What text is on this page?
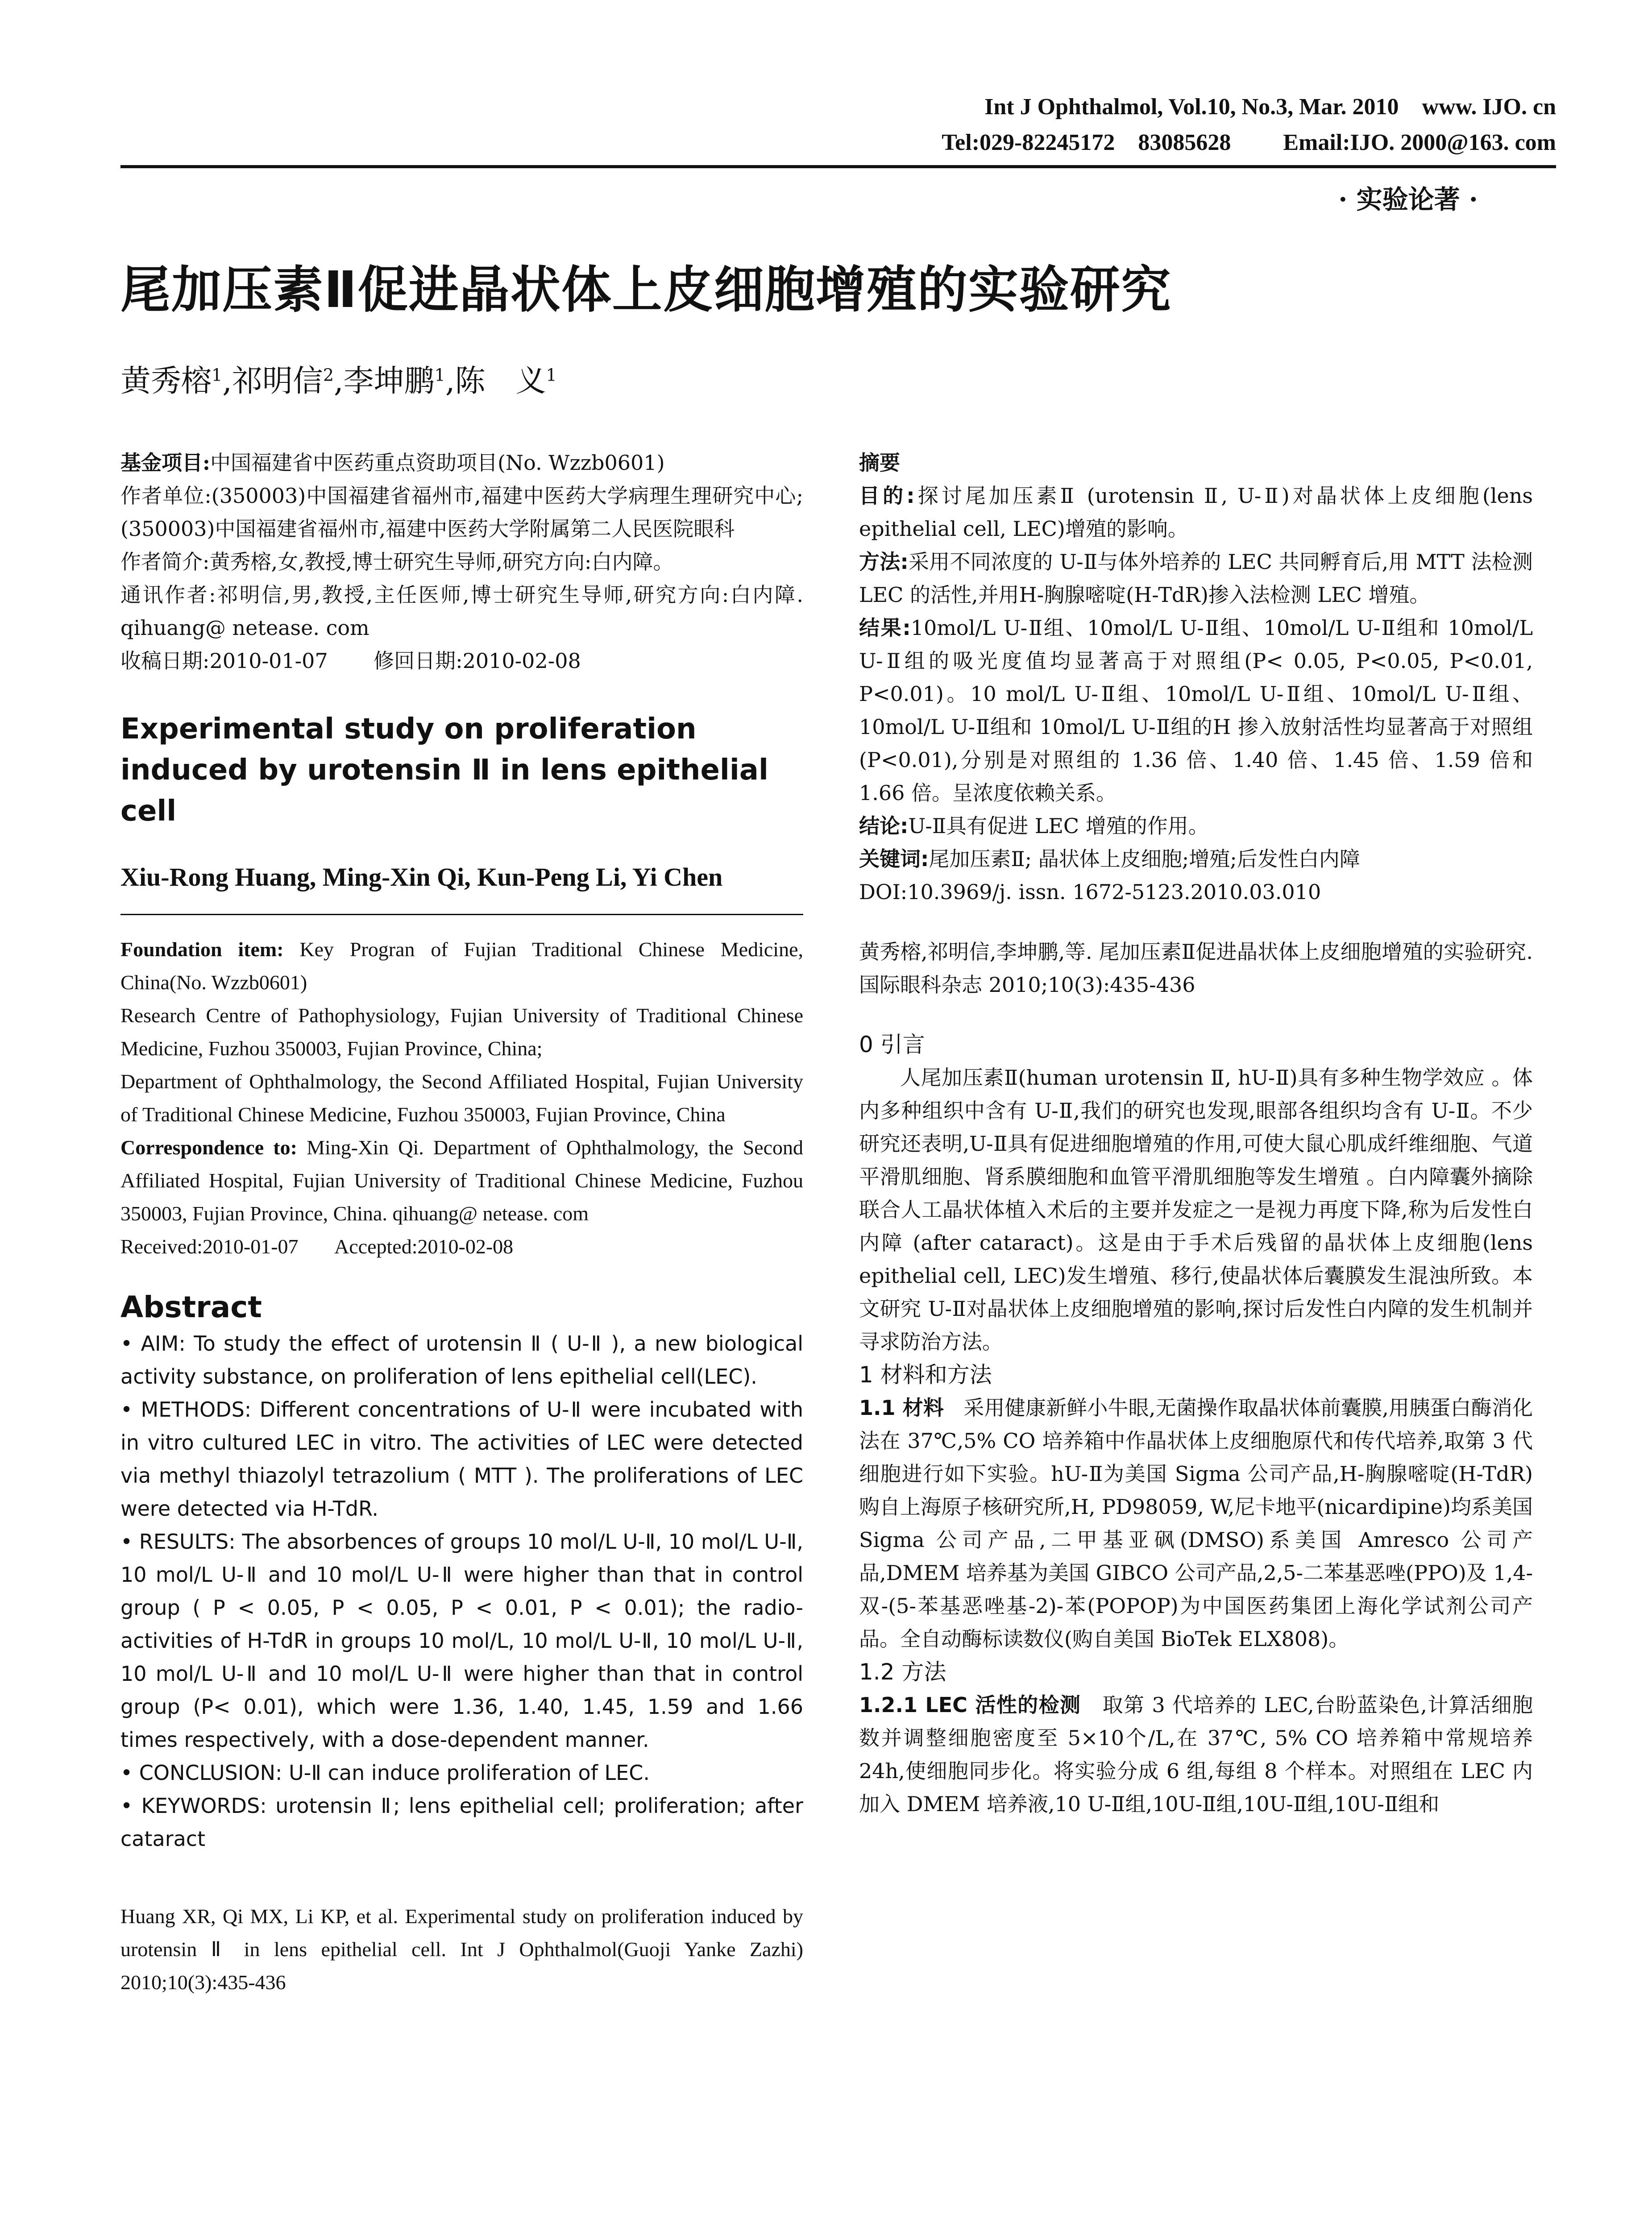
Int J Ophthalmol, Vol.10, No.3, Mar. 2010    www. IJO. cn
Tel:029-82245172    83085628         Email:IJO. 2000@163. com
· 实验论著 ·
尾加压素Ⅱ促进晶状体上皮细胞增殖的实验研究
黄秀榕$^1$,祁明信$^2$,李坤鹏$^1$,陈　义$^1$

基金项目:中国福建省中医药重点资助项目(No. Wzzb0601)

作者单位:(350003)中国福建省福州市,福建中医药大学病理生理研究中心;(350003)中国福建省福州市,福建中医药大学附属第二人民医院眼科

作者简介:黄秀榕,女,教授,博士研究生导师,研究方向:白内障。

通讯作者:祁明信,男,教授,主任医师,博士研究生导师,研究方向:白内障. qihuang@ netease. com

收稿日期:2010-01-07 修回日期:2010-02-08

Experimental study on proliferation induced by urotensin Ⅱ in lens epithelial cell
Xiu-Rong Huang, Ming-Xin Qi, Kun-Peng Li, Yi Chen

Foundation item: Key Progran of Fujian Traditional Chinese Medicine, China(No. Wzzb0601)

Research Centre of Pathophysiology, Fujian University of Traditional Chinese Medicine, Fuzhou 350003, Fujian Province, China;

Department of Ophthalmology, the Second Affiliated Hospital, Fujian University of Traditional Chinese Medicine, Fuzhou 350003, Fujian Province, China

Correspondence to: Ming-Xin Qi. Department of Ophthalmology, the Second Affiliated Hospital, Fujian University of Traditional Chinese Medicine, Fuzhou 350003, Fujian Province, China. qihuang@ netease. com

Received:2010-01-07 Accepted:2010-02-08

Abstract

• AIM: To study the effect of urotensin Ⅱ ( U-Ⅱ ), a new biological activity substance, on proliferation of lens epithelial cell(LEC).

• METHODS: Different concentrations of U-Ⅱ were incubated with in vitro cultured LEC in vitro. The activities of LEC were detected via methyl thiazolyl tetrazolium ( MTT ). The proliferations of LEC were detected via H-TdR.

• RESULTS: The absorbences of groups 10 mol/L U-Ⅱ, 10 mol/L U-Ⅱ, 10 mol/L U-Ⅱ and 10 mol/L U-Ⅱ were higher than that in control group ( P < 0.05, P < 0.05, P < 0.01, P < 0.01); the radio-activities of H-TdR in groups 10 mol/L, 10 mol/L U-Ⅱ, 10 mol/L U-Ⅱ, 10 mol/L U-Ⅱ and 10 mol/L U-Ⅱ were higher than that in control group (P< 0.01), which were 1.36, 1.40, 1.45, 1.59 and 1.66 times respectively, with a dose-dependent manner.

• CONCLUSION: U-Ⅱ can induce proliferation of LEC.

• KEYWORDS: urotensin Ⅱ; lens epithelial cell; proliferation; after cataract

Huang XR, Qi MX, Li KP, et al. Experimental study on proliferation induced by urotensin Ⅱ in lens epithelial cell. Int J Ophthalmol(Guoji Yanke Zazhi) 2010;10(3):435-436

摘要

目的:探讨尾加压素Ⅱ (urotensin Ⅱ, U-Ⅱ)对晶状体上皮细胞(lens epithelial cell, LEC)增殖的影响。

方法:采用不同浓度的 U-Ⅱ与体外培养的 LEC 共同孵育后,用 MTT 法检测 LEC 的活性,并用H-胸腺嘧啶(H-TdR)掺入法检测 LEC 增殖。

结果:10mol/L U-Ⅱ组、10mol/L U-Ⅱ组、10mol/L U-Ⅱ组和 10mol/L U-Ⅱ组的吸光度值均显著高于对照组(P< 0.05, P<0.05, P<0.01, P<0.01)。10 mol/L U-Ⅱ组、10mol/L U-Ⅱ组、10mol/L U-Ⅱ组、10mol/L U-Ⅱ组和 10mol/L U-Ⅱ组的H 掺入放射活性均显著高于对照组(P<0.01),分别是对照组的 1.36 倍、1.40 倍、1.45 倍、1.59 倍和 1.66 倍。呈浓度依赖关系。

结论:U-Ⅱ具有促进 LEC 增殖的作用。

关键词:尾加压素Ⅱ; 晶状体上皮细胞;增殖;后发性白内障

DOI:10.3969/j. issn. 1672-5123.2010.03.010

黄秀榕,祁明信,李坤鹏,等. 尾加压素Ⅱ促进晶状体上皮细胞增殖的实验研究. 国际眼科杂志 2010;10(3):435-436

0 引言

人尾加压素Ⅱ(human urotensin Ⅱ, hU-Ⅱ)具有多种生物学效应 。体内多种组织中含有 U-Ⅱ,我们的研究也发现,眼部各组织均含有 U-Ⅱ。不少研究还表明,U-Ⅱ具有促进细胞增殖的作用,可使大鼠心肌成纤维细胞、气道平滑肌细胞、肾系膜细胞和血管平滑肌细胞等发生增殖 。白内障囊外摘除联合人工晶状体植入术后的主要并发症之一是视力再度下降,称为后发性白内障 (after cataract)。这是由于手术后残留的晶状体上皮细胞(lens epithelial cell, LEC)发生增殖、移行,使晶状体后囊膜发生混浊所致。本文研究 U-Ⅱ对晶状体上皮细胞增殖的影响,探讨后发性白内障的发生机制并寻求防治方法。

1 材料和方法

1.1 材料 采用健康新鲜小牛眼,无菌操作取晶状体前囊膜,用胰蛋白酶消化法在 37℃,5% CO 培养箱中作晶状体上皮细胞原代和传代培养,取第 3 代细胞进行如下实验。hU-Ⅱ为美国 Sigma 公司产品,H-胸腺嘧啶(H-TdR)购自上海原子核研究所,H, PD98059, W,尼卡地平(nicardipine)均系美国 Sigma 公司产品,二甲基亚砜(DMSO)系美国 Amresco 公司产品,DMEM 培养基为美国 GIBCO 公司产品,2,5-二苯基恶唑(PPO)及 1,4-双-(5-苯基恶唑基-2)-苯(POPOP)为中国医药集团上海化学试剂公司产品。全自动酶标读数仪(购自美国 BioTek ELX808)。

1.2 方法

1.2.1 LEC 活性的检测 取第 3 代培养的 LEC,台盼蓝染色,计算活细胞数并调整细胞密度至 5×10个/L,在 37℃, 5% CO 培养箱中常规培养 24h,使细胞同步化。将实验分成 6 组,每组 8 个样本。对照组在 LEC 内加入 DMEM 培养液,10 U-Ⅱ组,10U-Ⅱ组,10U-Ⅱ组,10U-Ⅱ组和
